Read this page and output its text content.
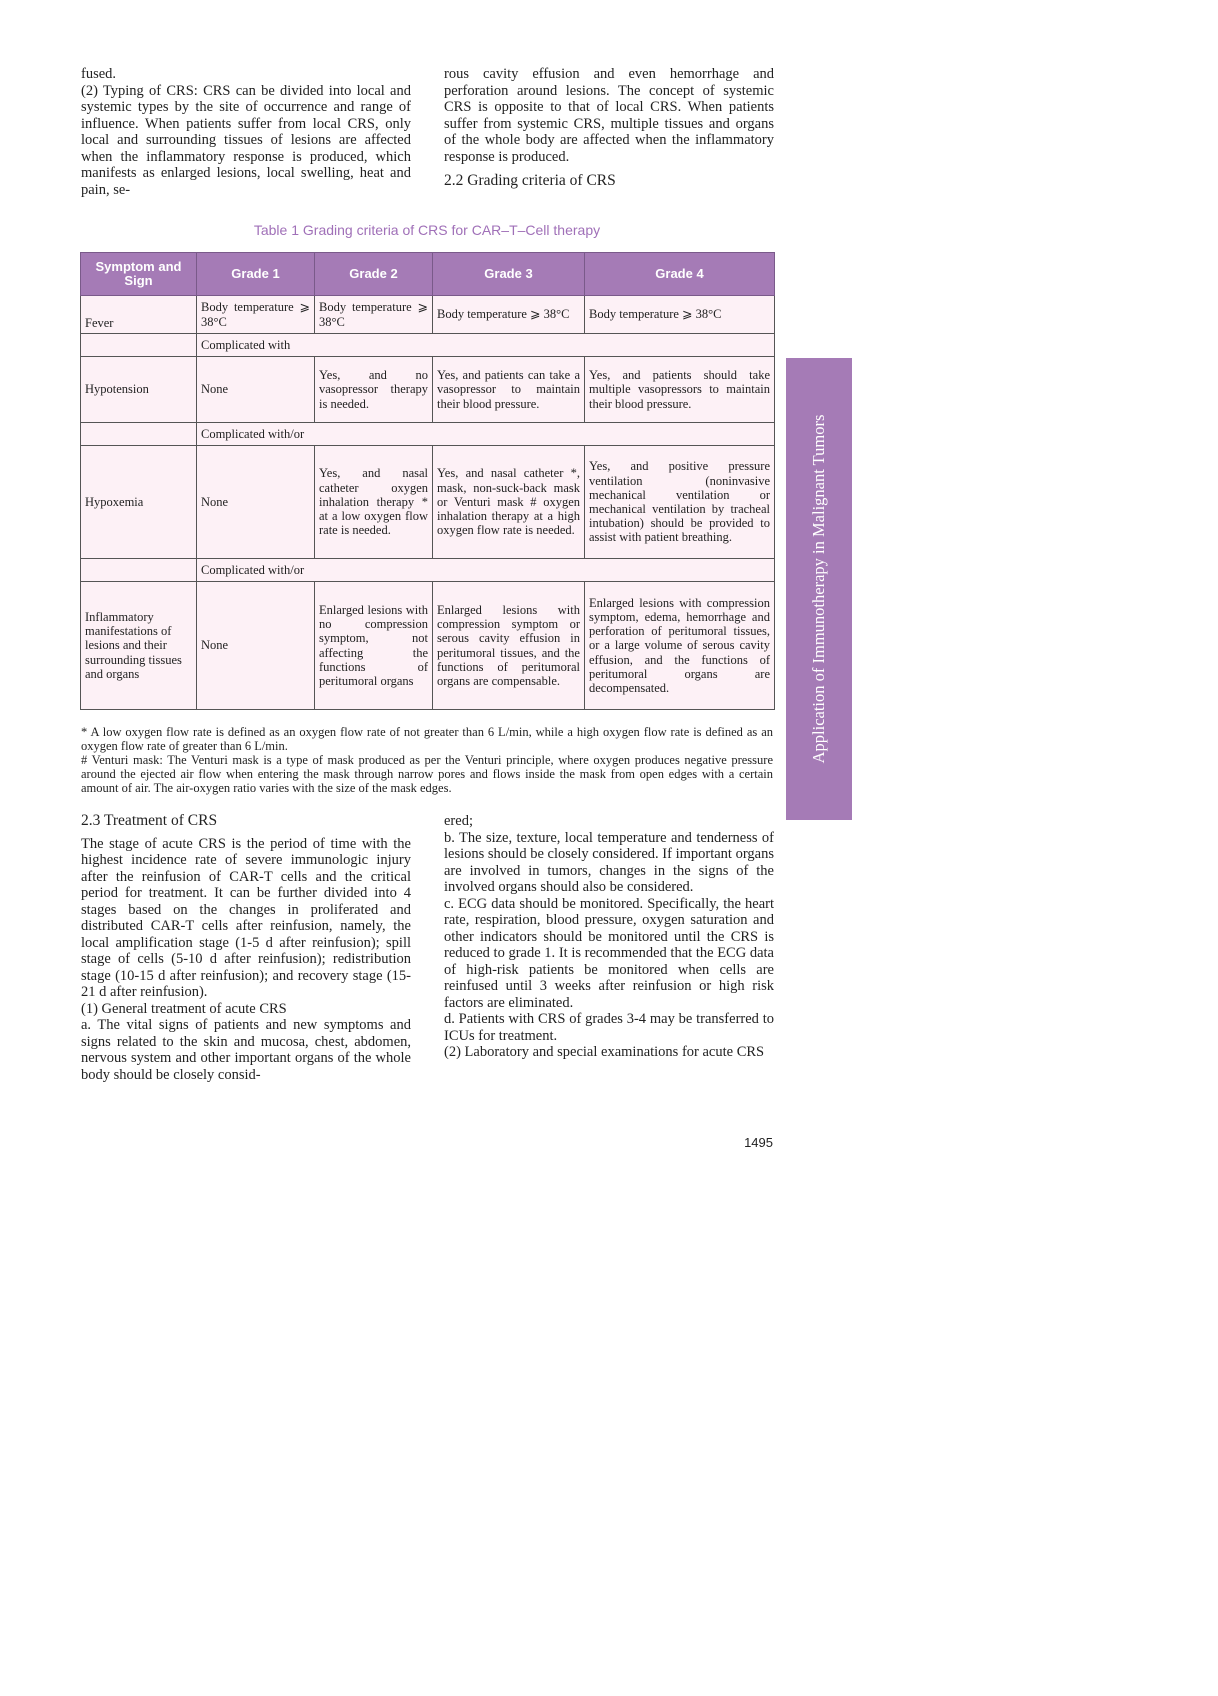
fused.

(2) Typing of CRS: CRS can be divided into local and systemic types by the site of occurrence and range of influence. When patients suffer from local CRS, only local and surrounding tissues of lesions are affected when the inflammatory response is produced, which manifests as enlarged lesions, local swelling, heat and pain, se-

rous cavity effusion and even hemorrhage and perforation around lesions. The concept of systemic CRS is opposite to that of local CRS. When patients suffer from systemic CRS, multiple tissues and organs of the whole body are affected when the inflammatory response is produced.

2.2 Grading criteria of CRS

Table 1 Grading criteria of CRS for CAR–T–Cell therapy
Symptom and Sign	Grade 1	Grade 2	Grade 3	Grade 4
Fever	Body temperature ⩾ 38°C	Body temperature ⩾ 38°C	Body temperature ⩾ 38°C	Body temperature ⩾ 38°C
	Complicated with			
Hypotension	None	Yes, and no vasopressor therapy is needed.	Yes, and patients can take a vasopressor to maintain their blood pressure.	Yes, and patients should take multiple vasopressors to maintain their blood pressure.
	Complicated with/or			
Hypoxemia	None	Yes, and nasal catheter oxygen inhalation therapy * at a low oxygen flow rate is needed.	Yes, and nasal catheter *, mask, non-suck-back mask or Venturi mask # oxygen inhalation therapy at a high oxygen flow rate is needed.	Yes, and positive pressure ventilation (noninvasive mechanical ventilation or mechanical ventilation by tracheal intubation) should be provided to assist with patient breathing.
	Complicated with/or			
Inflammatory manifestations of lesions and their surrounding tissues and organs	None	Enlarged lesions with no compression symptom, not affecting the functions of peritumoral organs	Enlarged lesions with compression symptom or serous cavity effusion in peritumoral tissues, and the functions of peritumoral organs are compensable.	Enlarged lesions with compression symptom, edema, hemorrhage and perforation of peritumoral tissues, or a large volume of serous cavity effusion, and the functions of peritumoral organs are decompensated.

* A low oxygen flow rate is defined as an oxygen flow rate of not greater than 6 L/min, while a high oxygen flow rate is defined as an oxygen flow rate of greater than 6 L/min.

# Venturi mask: The Venturi mask is a type of mask produced as per the Venturi principle, where oxygen produces negative pressure around the ejected air flow when entering the mask through narrow pores and flows inside the mask from open edges with a certain amount of air. The air-oxygen ratio varies with the size of the mask edges.

2.3 Treatment of CRS

The stage of acute CRS is the period of time with the highest incidence rate of severe immunologic injury after the reinfusion of CAR-T cells and the critical period for treatment. It can be further divided into 4 stages based on the changes in proliferated and distributed CAR-T cells after reinfusion, namely, the local amplification stage (1-5 d after reinfusion); spill stage of cells (5-10 d after reinfusion); redistribution stage (10-15 d after reinfusion); and recovery stage (15-21 d after reinfusion).

(1) General treatment of acute CRS

a. The vital signs of patients and new symptoms and signs related to the skin and mucosa, chest, abdomen, nervous system and other important organs of the whole body should be closely consid-

ered;

b. The size, texture, local temperature and tenderness of lesions should be closely considered. If important organs are involved in tumors, changes in the signs of the involved organs should also be considered.

c. ECG data should be monitored. Specifically, the heart rate, respiration, blood pressure, oxygen saturation and other indicators should be monitored until the CRS is reduced to grade 1. It is recommended that the ECG data of high-risk patients be monitored when cells are reinfused until 3 weeks after reinfusion or high risk factors are eliminated.

d. Patients with CRS of grades 3-4 may be transferred to ICUs for treatment.

(2) Laboratory and special examinations for acute CRS

Application of Immunotherapy in Malignant Tumors
1495
